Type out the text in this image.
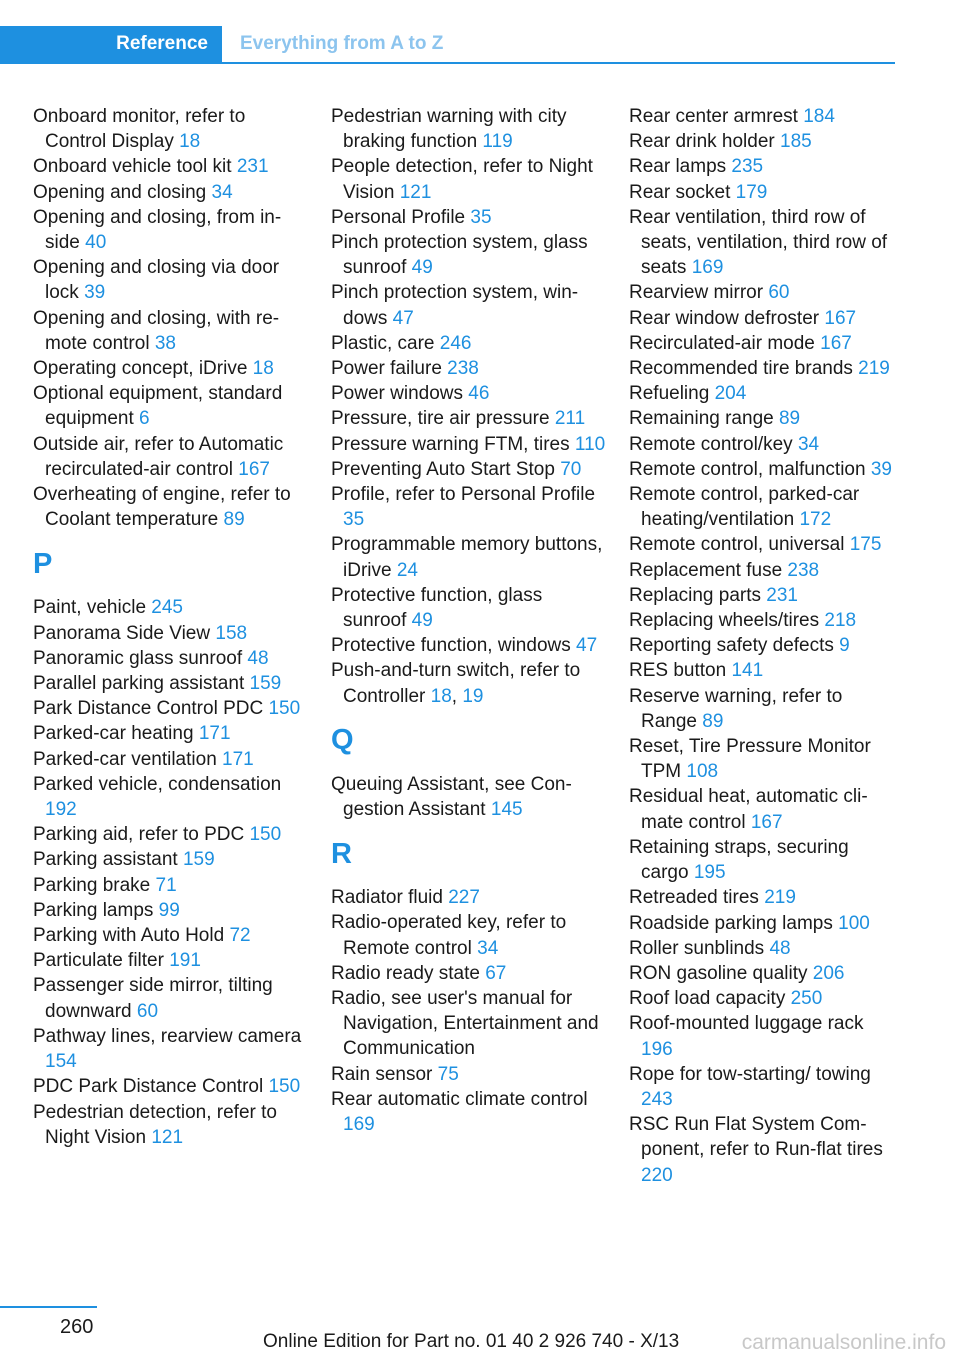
Reference	Everything from A to Z
Onboard monitor, refer to Control Display 18
Onboard vehicle tool kit 231
Opening and closing 34
Opening and closing, from inside 40
Opening and closing via door lock 39
Opening and closing, with remote control 38
Operating concept, iDrive 18
Optional equipment, standard equipment 6
Outside air, refer to Automatic recirculated-air control 167
Overheating of engine, refer to Coolant temperature 89
P
Paint, vehicle 245
Panorama Side View 158
Panoramic glass sunroof 48
Parallel parking assistant 159
Park Distance Control PDC 150
Parked-car heating 171
Parked-car ventilation 171
Parked vehicle, condensation 192
Parking aid, refer to PDC 150
Parking assistant 159
Parking brake 71
Parking lamps 99
Parking with Auto Hold 72
Particulate filter 191
Passenger side mirror, tilting downward 60
Pathway lines, rearview camera 154
PDC Park Distance Control 150
Pedestrian detection, refer to Night Vision 121
Pedestrian warning with city braking function 119
People detection, refer to Night Vision 121
Personal Profile 35
Pinch protection system, glass sunroof 49
Pinch protection system, windows 47
Plastic, care 246
Power failure 238
Power windows 46
Pressure, tire air pressure 211
Pressure warning FTM, tires 110
Preventing Auto Start Stop 70
Profile, refer to Personal Profile 35
Programmable memory buttons, iDrive 24
Protective function, glass sunroof 49
Protective function, windows 47
Push-and-turn switch, refer to Controller 18, 19
Q
Queuing Assistant, see Congestion Assistant 145
R
Radiator fluid 227
Radio-operated key, refer to Remote control 34
Radio ready state 67
Radio, see user's manual for Navigation, Entertainment and Communication
Rain sensor 75
Rear automatic climate control 169
Rear center armrest 184
Rear drink holder 185
Rear lamps 235
Rear socket 179
Rear ventilation, third row of seats, ventilation, third row of seats 169
Rearview mirror 60
Rear window defroster 167
Recirculated-air mode 167
Recommended tire brands 219
Refueling 204
Remaining range 89
Remote control/key 34
Remote control, malfunction 39
Remote control, parked-car heating/ventilation 172
Remote control, universal 175
Replacement fuse 238
Replacing parts 231
Replacing wheels/tires 218
Reporting safety defects 9
RES button 141
Reserve warning, refer to Range 89
Reset, Tire Pressure Monitor TPM 108
Residual heat, automatic climate control 167
Retaining straps, securing cargo 195
Retreaded tires 219
Roadside parking lamps 100
Roller sunblinds 48
RON gasoline quality 206
Roof load capacity 250
Roof-mounted luggage rack 196
Rope for tow-starting/ towing 243
RSC Run Flat System Component, refer to Run-flat tires 220
260
Online Edition for Part no. 01 40 2 926 740 - X/13	carmanualsonline.info
